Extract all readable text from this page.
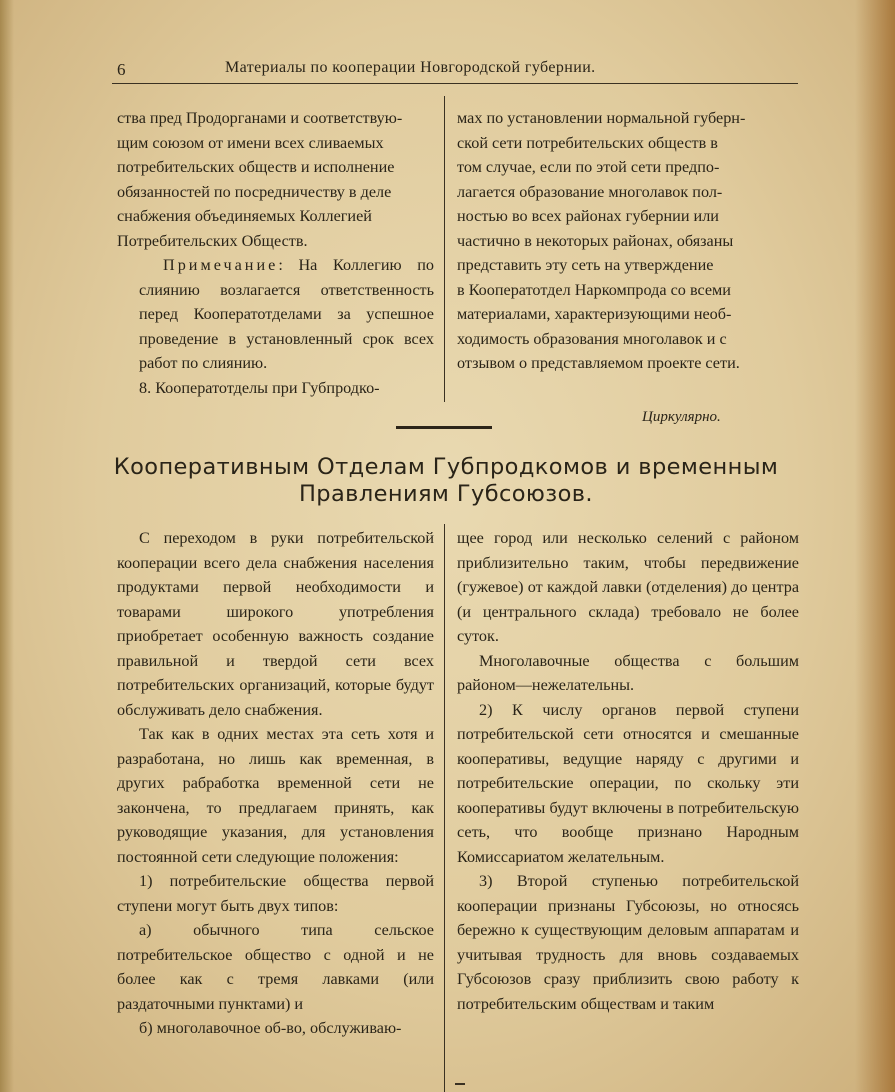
6	Материалы по кооперации Новгородской губернии.
ства пред Продорганами и соответствую-
щим союзом от имени всех сливаемых
потребительских обществ и исполнение
обязанностей по посредничеству в деле
снабжения объединяемых Коллегией
Потребительских Обществ.

Примечание: На Коллегию по слиянию возлагается ответственность перед Кооператотделами за успешное проведение в установленный срок всех работ по слиянию.

8. Кооператотделы при Губпродко-

мах по установлении нормальной губерн-
ской сети потребительских обществ в
том случае, если по этой сети предпо-
лагается образование многолавок пол-
ностью во всех районах губернии или
частично в некоторых районах, обязаны
представить эту сеть на утверждение
в Кооператотдел Наркомпрода со всеми
материалами, характеризующими необ-
ходимость образования многолавок и с
отзывом о представляемом проекте сети.
Циркулярно.
Кооперативным Отделам Губпродкомов и временным
Правлениям Губсоюзов.

С переходом в руки потребительской кооперации всего дела снабжения населения продуктами первой необходимости и товарами широкого употребления приобретает особенную важность создание правильной и твердой сети всех потребительских организаций, которые будут обслуживать дело снабжения.

Так как в одних местах эта сеть хотя и разработана, но лишь как временная, в других рабработка временной сети не закончена, то предлагаем принять, как руководящие указания, для установления постоянной сети следующие положения:

1) потребительские общества первой ступени могут быть двух типов:

а) обычного типа сельское потребительское общество с одной и не более как с тремя лавками (или раздаточными пунктами) и

б) многолавочное об-во, обслуживаю-

щее город или несколько селений с районом приблизительно таким, чтобы передвижение (гужевое) от каждой лавки (отделения) до центра (и центрального склада) требовало не более суток.

Многолавочные общества с большим районом—нежелательны.

2) К числу органов первой ступени потребительской сети относятся и смешанные кооперативы, ведущие наряду с другими и потребительские операции, по скольку эти кооперативы будут включены в потребительскую сеть, что вообще признано Народным Комиссариатом желательным.

3) Второй ступенью потребительской кооперации признаны Губсоюзы, но относясь бережно к существующим деловым аппаратам и учитывая трудность для вновь создаваемых Губсоюзов сразу приблизить свою работу к потребительским обществам и таким
